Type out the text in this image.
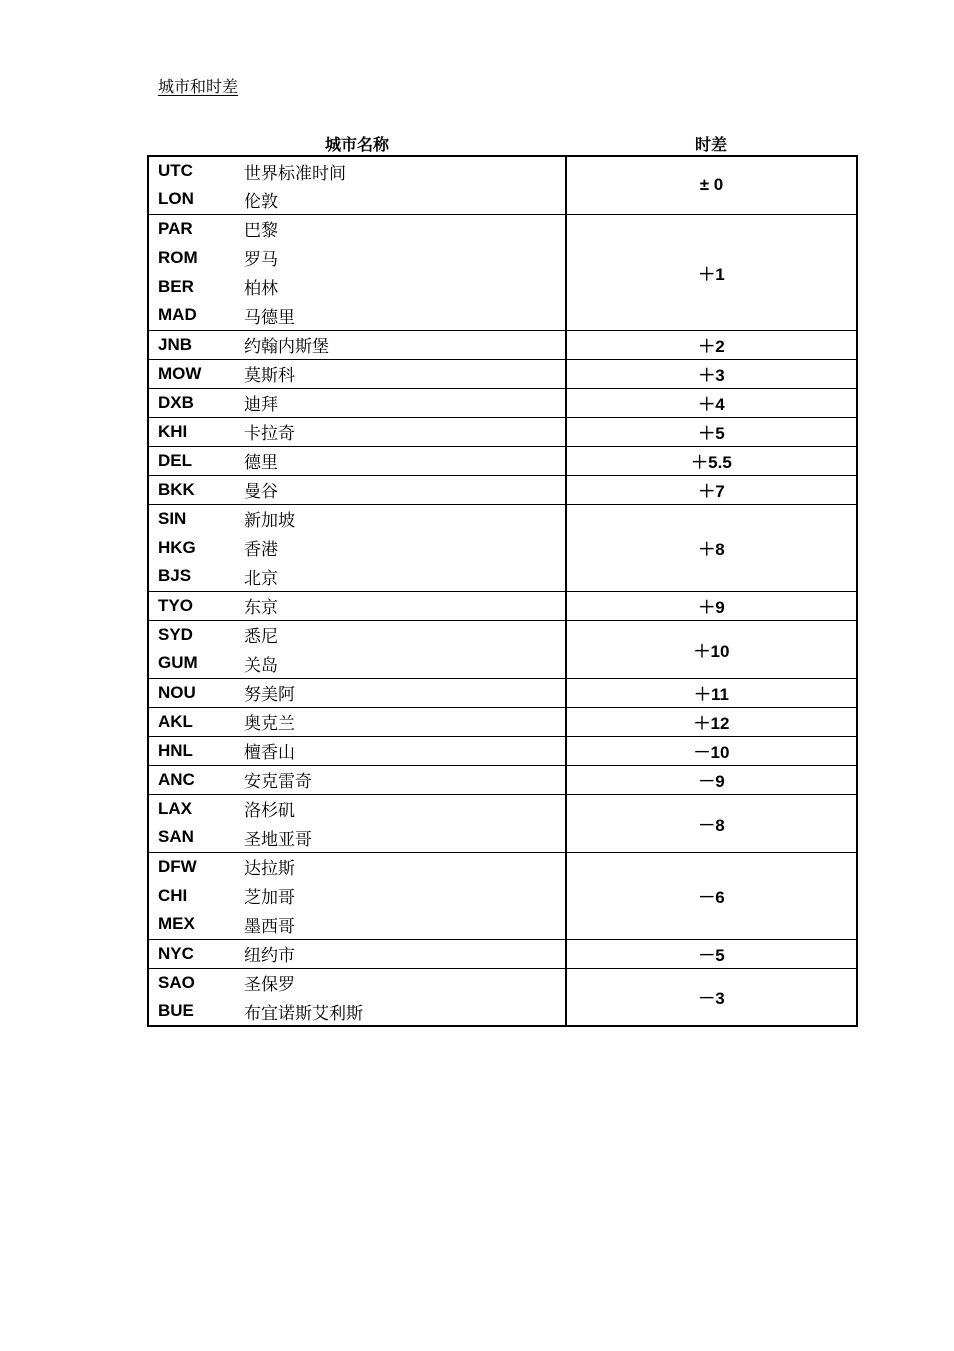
城市和时差
城市名称	时差
UTC	世界标准时间	± 0
LON	伦敦	
PAR	巴黎	＋1
ROM	罗马	
BER	柏林	
MAD	马德里	
JNB	约翰内斯堡	＋2
MOW	莫斯科	＋3
DXB	迪拜	＋4
KHI	卡拉奇	＋5
DEL	德里	＋5.5
BKK	曼谷	＋7
SIN	新加坡	＋8
HKG	香港	
BJS	北京	
TYO	东京	＋9
SYD	悉尼	＋10
GUM	关岛	
NOU	努美阿	＋11
AKL	奥克兰	＋12
HNL	檀香山	－10
ANC	安克雷奇	－9
LAX	洛杉矶	－8
SAN	圣地亚哥	
DFW	达拉斯	－6
CHI	芝加哥	
MEX	墨西哥	
NYC	纽约市	－5
SAO	圣保罗	－3
BUE	布宜诺斯艾利斯	
